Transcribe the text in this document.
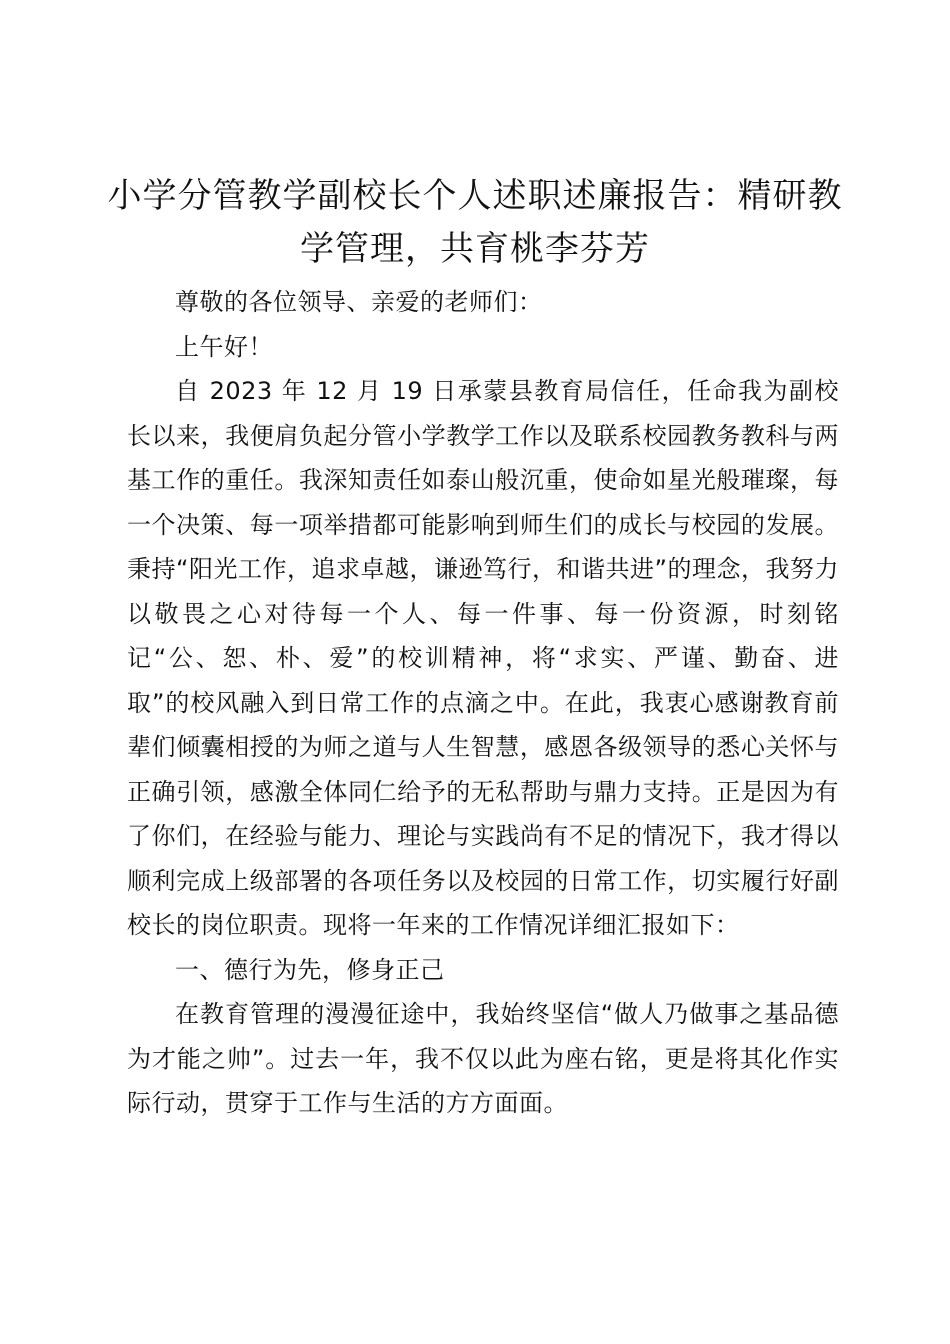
小学分管教学副校长个人述职述廉报告：精研教学管理，共育桃李芬芳

尊敬的各位领导、亲爱的老师们：

上午好！

自 2023 年 12 月 19 日承蒙县教育局信任，任命我为副校长以来，我便肩负起分管小学教学工作以及联系校园教务教科与两基工作的重任。我深知责任如泰山般沉重，使命如星光般璀璨，每一个决策、每一项举措都可能影响到师生们的成长与校园的发展。秉持“阳光工作，追求卓越，谦逊笃行，和谐共进”的理念，我努力以敬畏之心对待每一个人、每一件事、每一份资源，时刻铭记“公、恕、朴、爱”的校训精神，将“求实、严谨、勤奋、进取”的校风融入到日常工作的点滴之中。在此，我衷心感谢教育前辈们倾囊相授的为师之道与人生智慧，感恩各级领导的悉心关怀与正确引领，感激全体同仁给予的无私帮助与鼎力支持。正是因为有了你们，在经验与能力、理论与实践尚有不足的情况下，我才得以顺利完成上级部署的各项任务以及校园的日常工作，切实履行好副校长的岗位职责。现将一年来的工作情况详细汇报如下：

一、德行为先，修身正己

在教育管理的漫漫征途中，我始终坚信“做人乃做事之基品德为才能之帅”。过去一年，我不仅以此为座右铭，更是将其化作实际行动，贯穿于工作与生活的方方面面。
